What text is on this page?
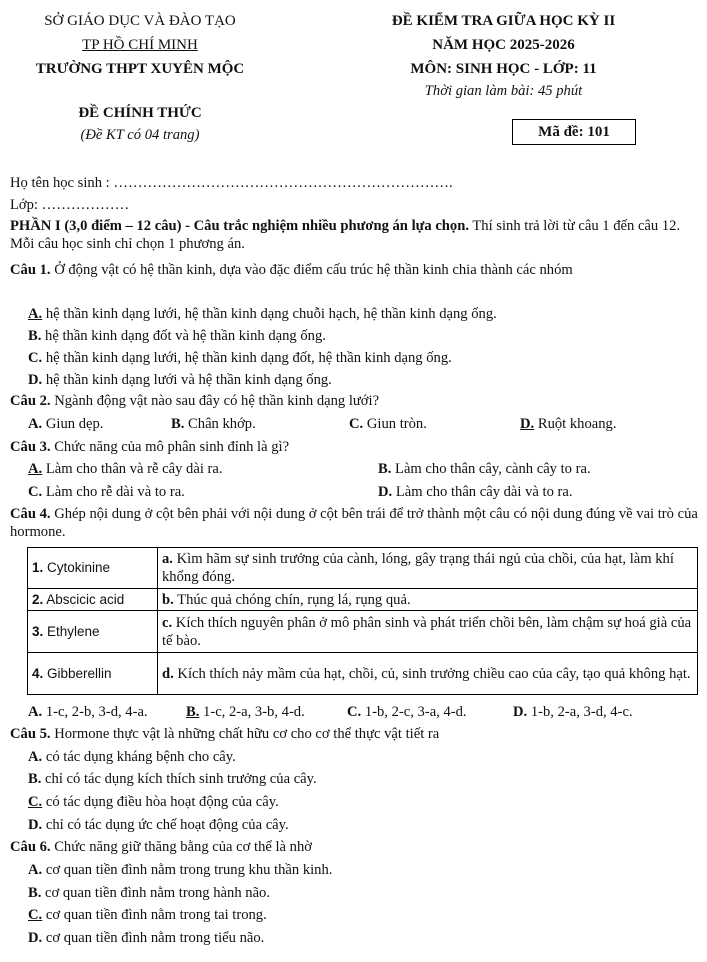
SỞ GIÁO DỤC VÀ ĐÀO TẠO
TP HỒ CHÍ MINH
TRƯỜNG THPT XUYÊN MỘC
ĐỀ CHÍNH THỨC
(Đề KT có 04 trang)
ĐỀ KIỂM TRA GIỮA HỌC KỲ II
NĂM HỌC 2025-2026
MÔN: SINH HỌC - LỚP: 11
Thời gian làm bài: 45 phút
Mã đề: 101
Họ tên học sinh : …………………………………………………………….
Lớp: ………………
PHẦN I (3,0 điểm – 12 câu) - Câu trắc nghiệm nhiều phương án lựa chọn. Thí sinh trả lời từ câu 1 đến câu 12. Mỗi câu học sinh chỉ chọn 1 phương án.
Câu 1. Ở động vật có hệ thần kinh, dựa vào đặc điểm cấu trúc hệ thần kinh chia thành các nhóm
A. hệ thần kinh dạng lưới, hệ thần kinh dạng chuỗi hạch, hệ thần kinh dạng ống.
B. hệ thần kinh dạng đốt và hệ thần kinh dạng ống.
C. hệ thần kinh dạng lưới, hệ thần kinh dạng đốt, hệ thần kinh dạng ống.
D. hệ thần kinh dạng lưới và hệ thần kinh dạng ống.
Câu 2. Ngành động vật nào sau đây có hệ thần kinh dạng lưới?
A. Giun dẹp.	B. Chân khớp.	C. Giun tròn.	D. Ruột khoang.
Câu 3. Chức năng của mô phân sinh đỉnh là gì?
A. Làm cho thân và rễ cây dài ra.	B. Làm cho thân cây, cành cây to ra.
C. Làm cho rễ dài và to ra.	D. Làm cho thân cây dài và to ra.
Câu 4. Ghép nội dung ở cột bên phải với nội dung ở cột bên trái để trở thành một câu có nội dung đúng về vai trò của hormone.
1. Cytokinine	a. Kìm hãm sự sinh trưởng của cành, lóng, gây trạng thái ngủ của chồi, của hạt, làm khí khổng đóng.
2. Abscicic acid	b. Thúc quả chóng chín, rụng lá, rụng quả.
3. Ethylene	c. Kích thích nguyên phân ở mô phân sinh và phát triển chồi bên, làm chậm sự hoá già của tế bào.
4. Gibberellin	d. Kích thích nảy mầm của hạt, chồi, củ, sinh trưởng chiều cao của cây, tạo quả không hạt.
A. 1-c, 2-b, 3-d, 4-a.	B. 1-c, 2-a, 3-b, 4-d.	C. 1-b, 2-c, 3-a, 4-d.	D. 1-b, 2-a, 3-d, 4-c.
Câu 5. Hormone thực vật là những chất hữu cơ cho cơ thể thực vật tiết ra
A. có tác dụng kháng bệnh cho cây.
B. chỉ có tác dụng kích thích sinh trưởng của cây.
C. có tác dụng điều hòa hoạt động của cây.
D. chỉ có tác dụng ức chế hoạt động của cây.
Câu 6. Chức năng giữ thăng bằng của cơ thể là nhờ
A. cơ quan tiền đình nằm trong trung khu thần kinh.
B. cơ quan tiền đình nằm trong hành não.
C. cơ quan tiền đình nằm trong tai trong.
D. cơ quan tiền đình nằm trong tiểu não.
